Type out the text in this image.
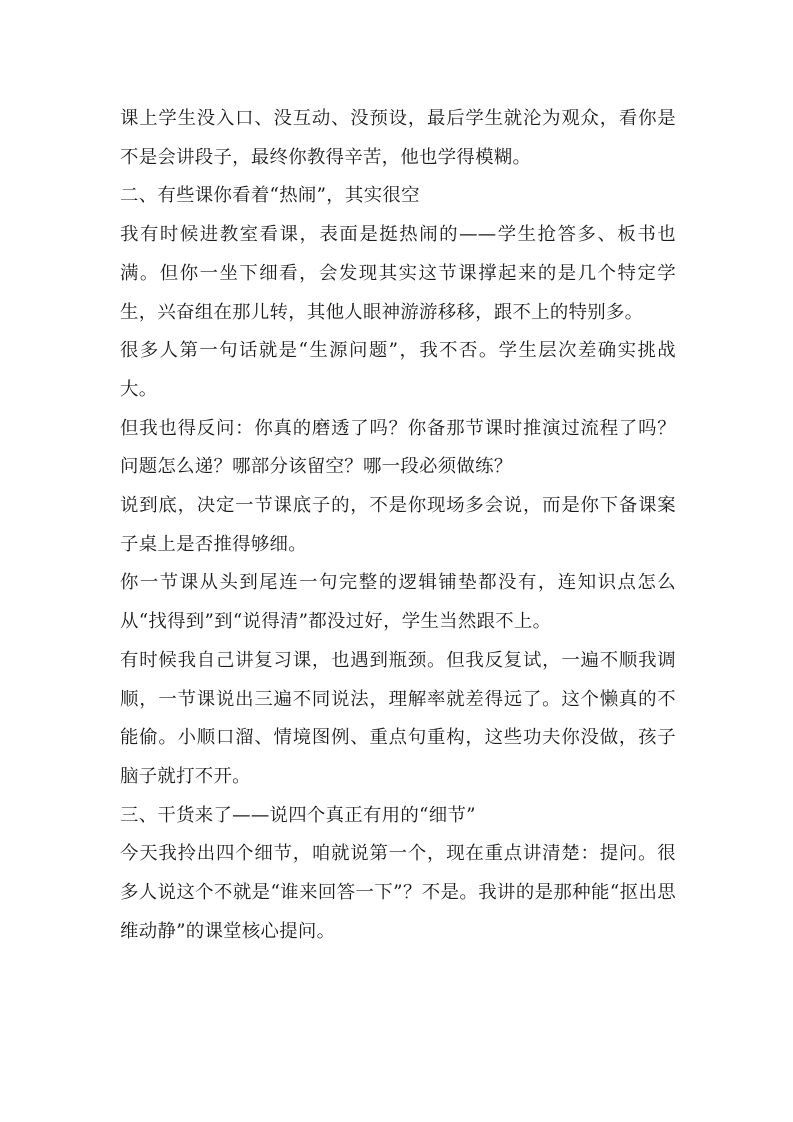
课上学生没入口、没互动、没预设，最后学生就沦为观众，看你是不是会讲段子，最终你教得辛苦，他也学得模糊。

二、有些课你看着“热闹”，其实很空

我有时候进教室看课，表面是挺热闹的——学生抢答多、板书也满。但你一坐下细看，会发现其实这节课撑起来的是几个特定学生，兴奋组在那儿转，其他人眼神游游移移，跟不上的特别多。

很多人第一句话就是“生源问题”，我不否。学生层次差确实挑战大。

但我也得反问：你真的磨透了吗？你备那节课时推演过流程了吗？问题怎么递？哪部分该留空？哪一段必须做练？

说到底，决定一节课底子的，不是你现场多会说，而是你下备课案子桌上是否推得够细。

你一节课从头到尾连一句完整的逻辑铺垫都没有，连知识点怎么从“找得到”到“说得清”都没过好，学生当然跟不上。

有时候我自己讲复习课，也遇到瓶颈。但我反复试，一遍不顺我调顺，一节课说出三遍不同说法，理解率就差得远了。这个懒真的不能偷。小顺口溜、情境图例、重点句重构，这些功夫你没做，孩子脑子就打不开。

三、干货来了——说四个真正有用的“细节”

今天我拎出四个细节，咱就说第一个，现在重点讲清楚：提问。很多人说这个不就是“谁来回答一下”？不是。我讲的是那种能“抠出思维动静”的课堂核心提问。
